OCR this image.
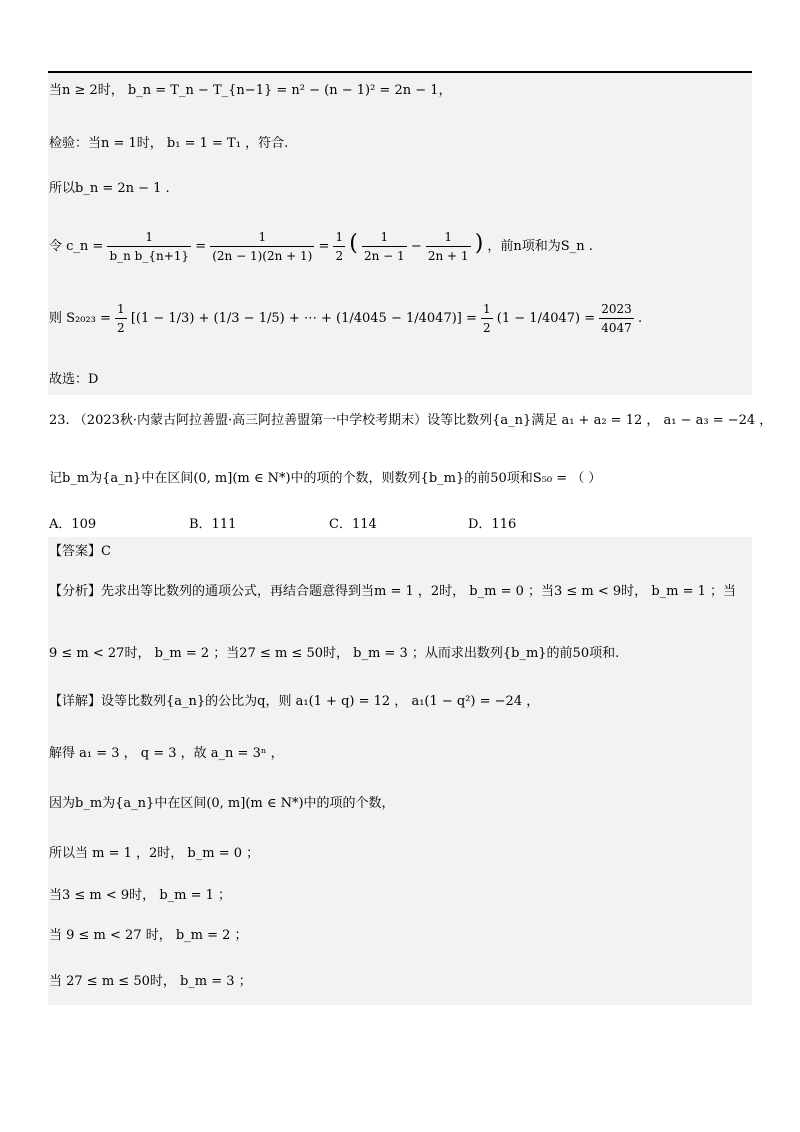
当n ≥ 2时， b_n = T_n − T_{n−1} = n² − (n − 1)² = 2n − 1，
检验：当n = 1时， b₁ = 1 = T₁ ，符合.
所以b_n = 2n − 1 .
令 c_n = $\frac{1}{\text{b\_n b\_\{n+1\}}} = \frac{1}{(2n - 1)(2n + 1)} = \frac{1}{2}$ ( $\frac{1}{2n - 1} - \frac{1}{2n + 1}$ ) ，前n项和为S_n .
则 $S_{2023} = \frac{1}{2} [(1 - 1/3) + (1/3 - 1/5)$ + ⋯ + $(1/4045 - 1/4047)] = \frac{1}{2} (1 - 1/4047) = \frac{2023}{4047}$ .
故选：D
23. （2023秋·内蒙古阿拉善盟·高三阿拉善盟第一中学校考期末）设等比数列{a_n}满足 a₁ + a₂ = 12 ， a₁ − a₃ = −24 ，
记b_m为{a_n}中在区间(0, m](m ∈ N*)中的项的个数，则数列{b_m}的前50项和S₅₀ = （ ）
A．109	B．111	C．114	D．116
【答案】C
【分析】先求出等比数列的通项公式，再结合题意得到当m = 1 ，2时， b_m = 0 ；当3 ≤ m < 9时， b_m = 1 ；当
9 ≤ m < 27时， b_m = 2 ；当27 ≤ m ≤ 50时， b_m = 3 ；从而求出数列{b_m}的前50项和.
【详解】设等比数列{a_n}的公比为q，则 a₁(1 + q) = 12 ， a₁(1 − q²) = −24 ，
解得 a₁ = 3 ， q = 3 ，故 a_n = 3ⁿ ，
因为b_m为{a_n}中在区间(0, m](m ∈ N*)中的项的个数，
所以当 m = 1 ，2时， b_m = 0 ；
当3 ≤ m < 9时， b_m = 1 ；
当 9 ≤ m < 27 时， b_m = 2 ；
当 27 ≤ m ≤ 50时， b_m = 3 ；
